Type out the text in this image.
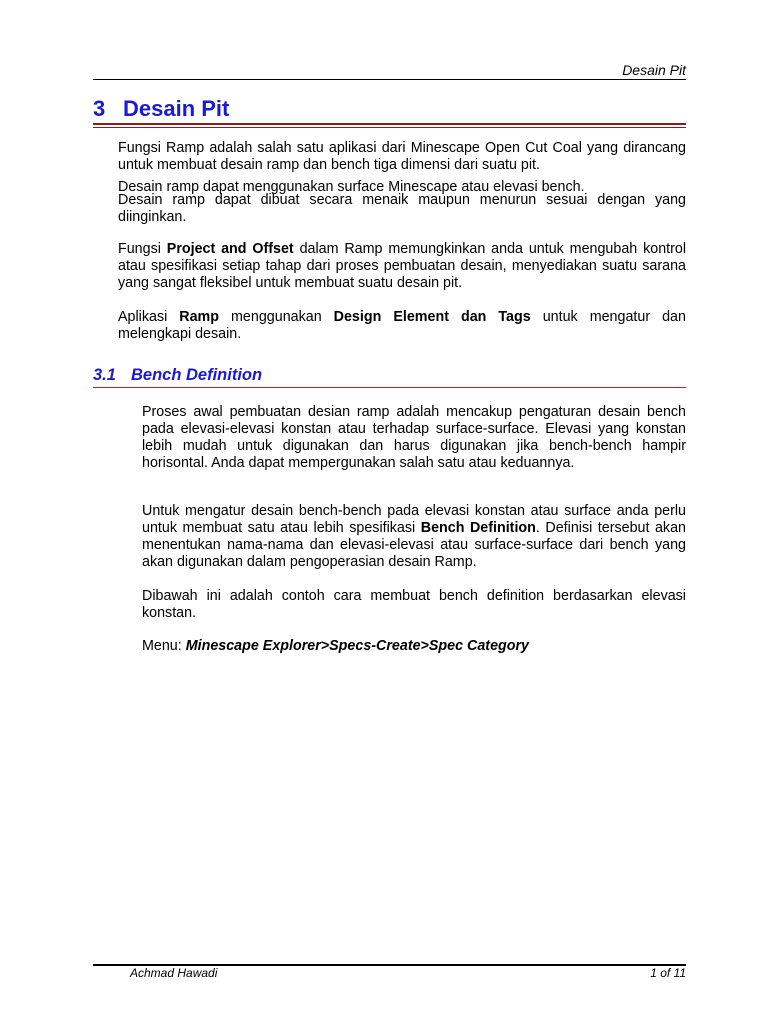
Desain Pit
3 Desain Pit

Fungsi Ramp adalah salah satu aplikasi dari Minescape Open Cut Coal yang dirancang untuk membuat desain ramp dan bench tiga dimensi dari suatu pit.

Desain ramp dapat menggunakan surface Minescape atau elevasi bench.
Desain ramp dapat dibuat secara menaik maupun menurun sesuai dengan yang diinginkan.

Fungsi Project and Offset dalam Ramp memungkinkan anda untuk mengubah kontrol atau spesifikasi setiap tahap dari proses pembuatan desain, menyediakan suatu sarana yang sangat fleksibel untuk membuat suatu desain pit.

Aplikasi Ramp menggunakan Design Element dan Tags untuk mengatur dan melengkapi desain.

3.1 Bench Definition

Proses awal pembuatan desian ramp adalah mencakup pengaturan desain bench pada elevasi-elevasi konstan atau terhadap surface-surface. Elevasi yang konstan lebih mudah untuk digunakan dan harus digunakan jika bench-bench hampir horisontal. Anda dapat mempergunakan salah satu atau keduannya.

Untuk mengatur desain bench-bench pada elevasi konstan atau surface anda perlu untuk membuat satu atau lebih spesifikasi Bench Definition. Definisi tersebut akan menentukan nama-nama dan elevasi-elevasi atau surface-surface dari bench yang akan digunakan dalam pengoperasian desain Ramp.

Dibawah ini adalah contoh cara membuat bench definition berdasarkan elevasi konstan.

Menu: Minescape Explorer>Specs-Create>Spec Category

Achmad Hawadi	1 of 11
